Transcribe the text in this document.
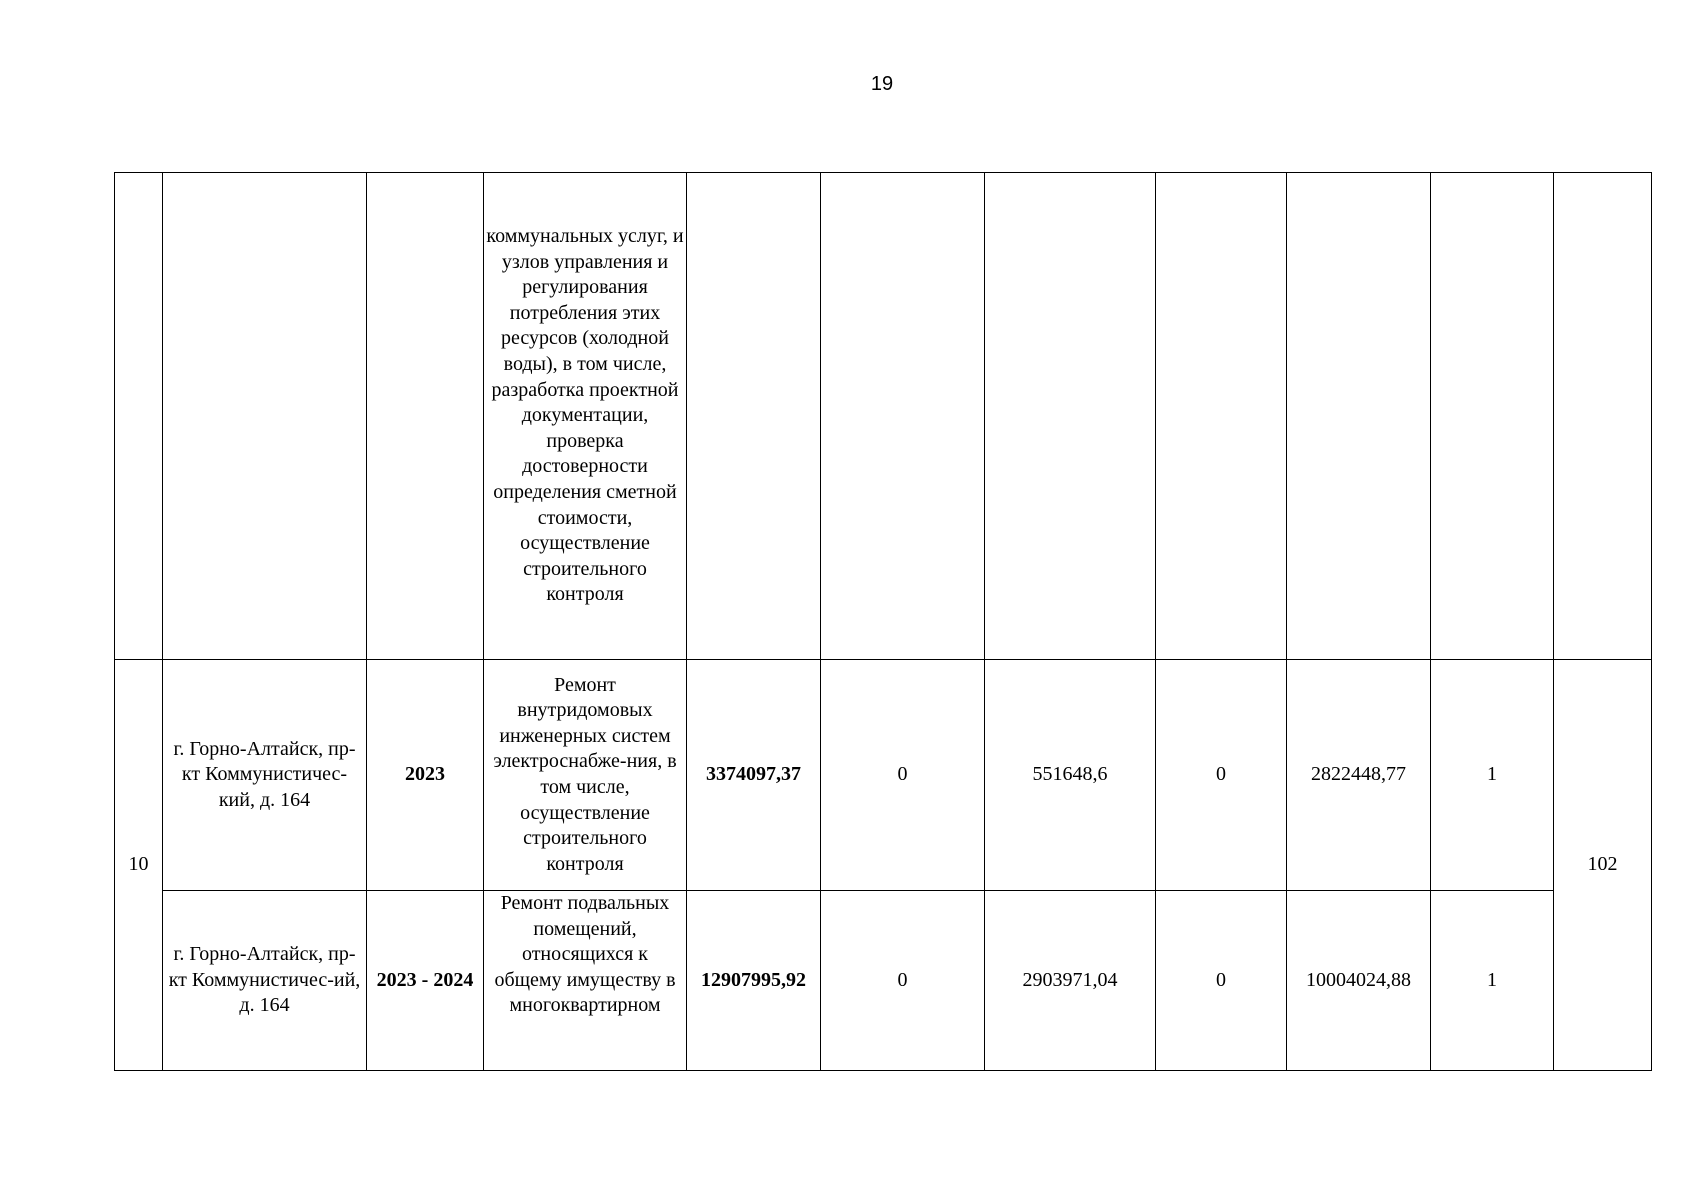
19
			коммунальных услуг, и узлов управления и регулирования потребления этих ресурсов (холодной воды), в том числе, разработка проектной документации, проверка достоверности определения сметной стоимости, осуществление строительного контроля							
10	г. Горно-Алтайск, пр-кт Коммунистичес-кий, д. 164	2023	Ремонт внутридомовых инженерных систем электроснабже-ния, в том числе, осуществление строительного контроля	3374097,37	0	551648,6	0	2822448,77	1	102
	г. Горно-Алтайск, пр-кт Коммунистичес-ий, д. 164	2023 - 2024	Ремонт подвальных помещений, относящихся к общему имуществу в многоквартирном	12907995,92	0	2903971,04	0	10004024,88	1	
